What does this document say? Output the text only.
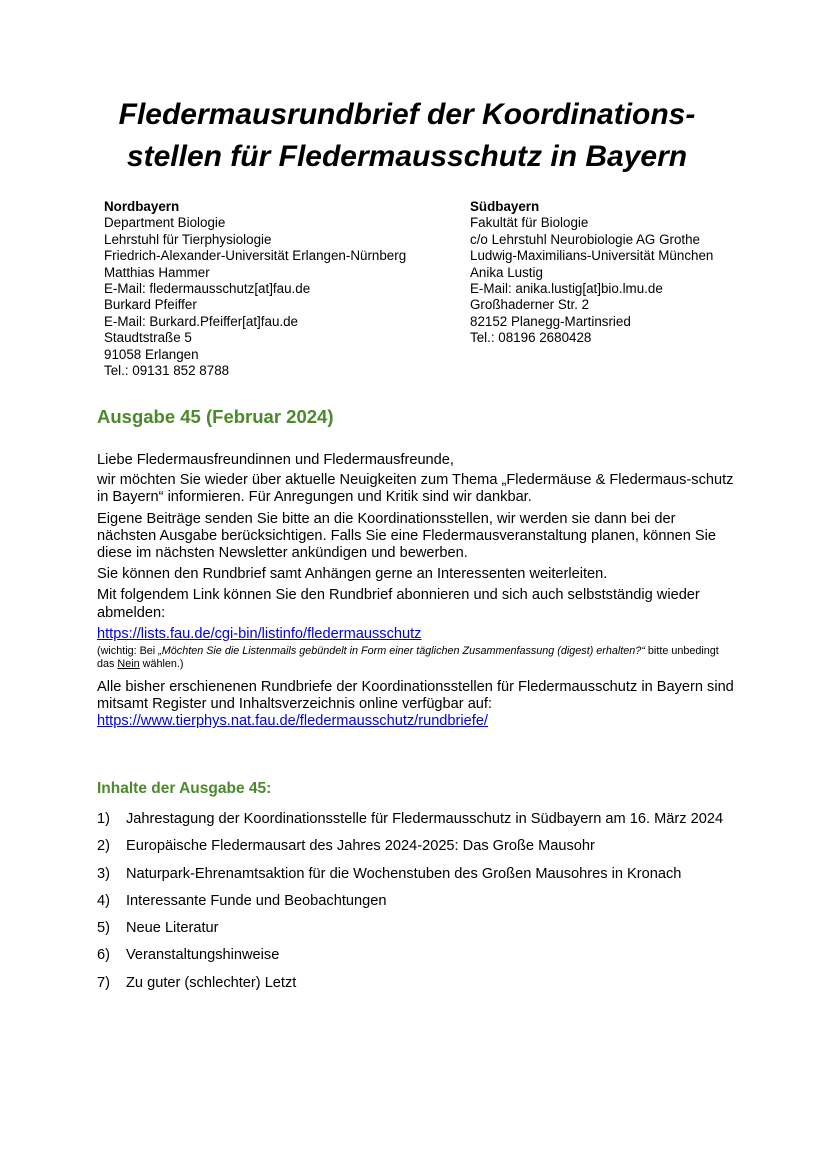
Fledermausrundbrief der Koordinations-
stellen für Fledermausschutz in Bayern
Nordbayern
Department Biologie
Lehrstuhl für Tierphysiologie
Friedrich-Alexander-Universität Erlangen-Nürnberg
Matthias Hammer
E-Mail: fledermausschutz[at]fau.de
Burkard Pfeiffer
E-Mail: Burkard.Pfeiffer[at]fau.de
Staudtstraße 5
91058 Erlangen
Tel.: 09131 852 8788
Südbayern
Fakultät für Biologie
c/o Lehrstuhl Neurobiologie AG Grothe
Ludwig-Maximilians-Universität München
Anika Lustig
E-Mail: anika.lustig[at]bio.lmu.de
Großhaderner Str. 2
82152 Planegg-Martinsried
Tel.: 08196 2680428
Ausgabe 45 (Februar 2024)

Liebe Fledermausfreundinnen und Fledermausfreunde,

wir möchten Sie wieder über aktuelle Neuigkeiten zum Thema „Fledermäuse & Fledermaus-schutz in Bayern“ informieren. Für Anregungen und Kritik sind wir dankbar.

Eigene Beiträge senden Sie bitte an die Koordinationsstellen, wir werden sie dann bei der nächsten Ausgabe berücksichtigen. Falls Sie eine Fledermausveranstaltung planen, können Sie diese im nächsten Newsletter ankündigen und bewerben.

Sie können den Rundbrief samt Anhängen gerne an Interessenten weiterleiten.

Mit folgendem Link können Sie den Rundbrief abonnieren und sich auch selbstständig wieder abmelden:

https://lists.fau.de/cgi-bin/listinfo/fledermausschutz

(wichtig: Bei „Möchten Sie die Listenmails gebündelt in Form einer täglichen Zusammenfassung (digest) erhalten?“ bitte unbedingt das Nein wählen.)

Alle bisher erschienenen Rundbriefe der Koordinationsstellen für Fledermausschutz in Bayern sind mitsamt Register und Inhaltsverzeichnis online verfügbar auf:

https://www.tierphys.nat.fau.de/fledermausschutz/rundbriefe/

Inhalte der Ausgabe 45:
1) Jahrestagung der Koordinationsstelle für Fledermausschutz in Südbayern am 16. März 2024
2) Europäische Fledermausart des Jahres 2024-2025: Das Große Mausohr
3) Naturpark-Ehrenamtsaktion für die Wochenstuben des Großen Mausohres in Kronach
4) Interessante Funde und Beobachtungen
5) Neue Literatur
6) Veranstaltungshinweise
7) Zu guter (schlechter) Letzt
